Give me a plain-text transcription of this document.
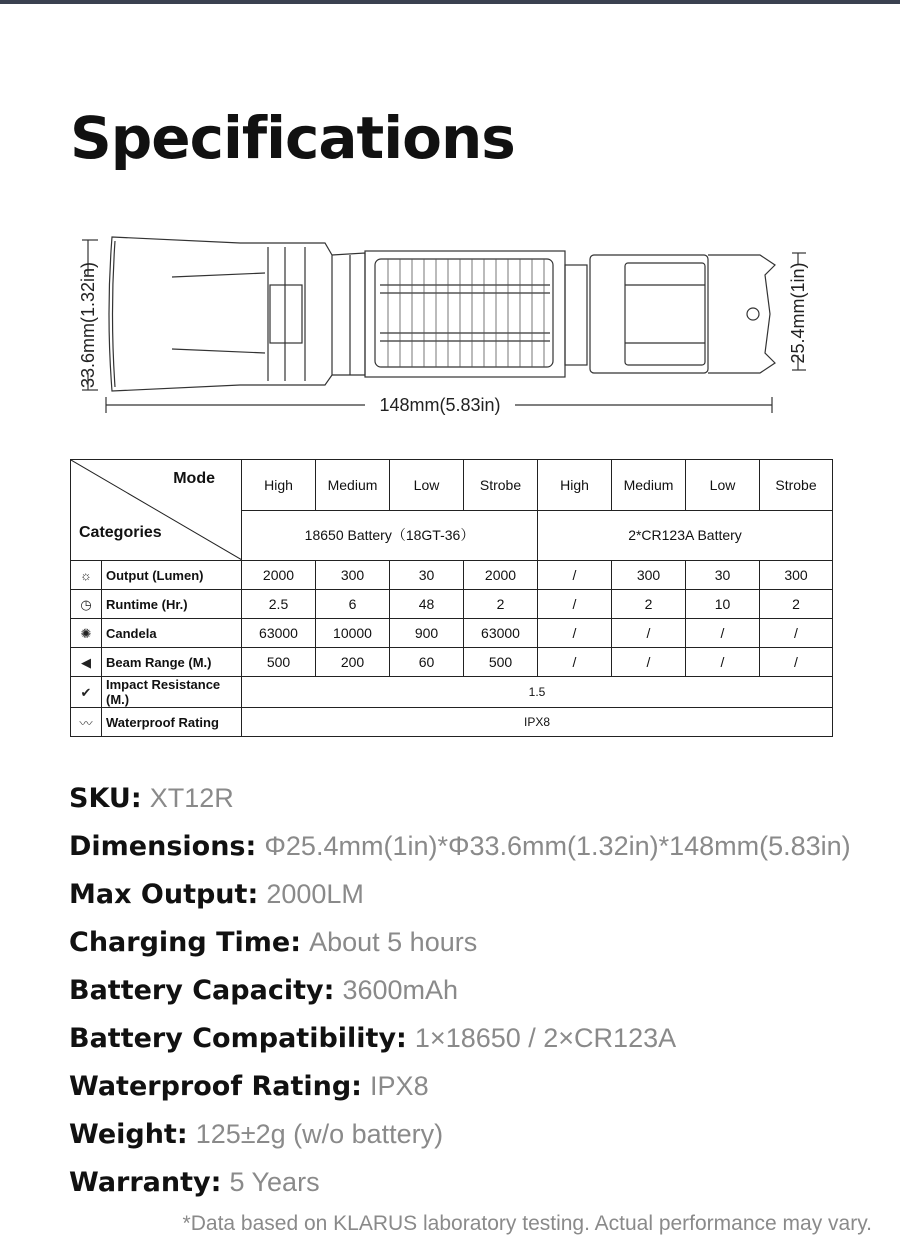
Specifications
33.6mm(1.32in)	25.4mm(1in)
148mm(5.83in)
Mode
Categories		High	Medium	Low	Strobe	High	Medium	Low	Strobe
		18650 Battery（18GT-36）				2*CR123A Battery			
☼	Output (Lumen)	2000	300	30	2000	/	300	30	300
◷	Runtime (Hr.)	2.5	6	48	2	/	2	10	2
✺	Candela	63000	10000	900	63000	/	/	/	/
◀	Beam Range (M.)	500	200	60	500	/	/	/	/
✔	Impact Resistance (M.)	1.5							
〰	Waterproof Rating	IPX8							
SKU: XT12R
Dimensions: Φ25.4mm(1in)*Φ33.6mm(1.32in)*148mm(5.83in)
Max Output: 2000LM
Charging Time: About 5 hours
Battery Capacity: 3600mAh
Battery Compatibility: 1×18650 / 2×CR123A
Waterproof Rating: IPX8
Weight: 125±2g (w/o battery)
Warranty: 5 Years
*Data based on KLARUS laboratory testing. Actual performance may vary.
